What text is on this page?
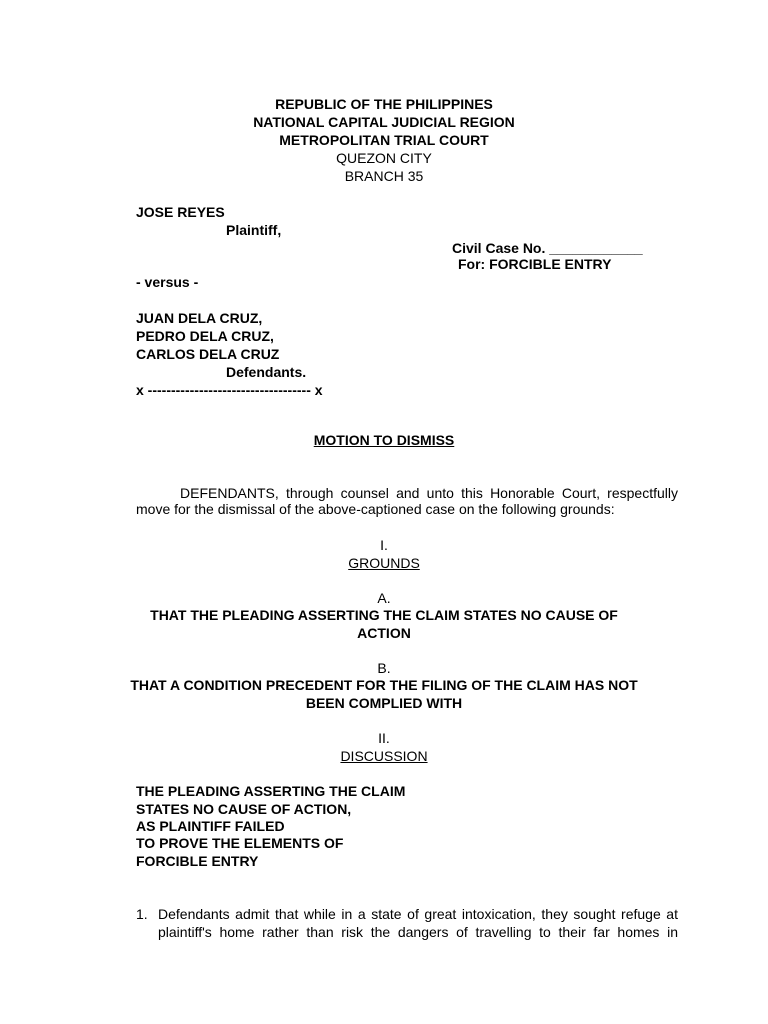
REPUBLIC OF THE PHILIPPINES
NATIONAL CAPITAL JUDICIAL REGION
METROPOLITAN TRIAL COURT
QUEZON CITY
BRANCH 35
JOSE REYES
Plaintiff,
Civil Case No. ____________
For: FORCIBLE ENTRY
- versus -
JUAN DELA CRUZ,
PEDRO DELA CRUZ,
CARLOS DELA CRUZ
Defendants.
x ----------------------------------- x
MOTION TO DISMISS
DEFENDANTS, through counsel and unto this Honorable Court, respectfully
move for the dismissal of the above-captioned case on the following grounds:
I.
GROUNDS
A.
THAT THE PLEADING ASSERTING THE CLAIM STATES NO CAUSE OF
ACTION
B.
THAT A CONDITION PRECEDENT FOR THE FILING OF THE CLAIM HAS NOT
BEEN COMPLIED WITH
II.
DISCUSSION
THE PLEADING ASSERTING THE CLAIM
STATES NO CAUSE OF ACTION,
AS PLAINTIFF FAILED
TO PROVE THE ELEMENTS OF
FORCIBLE ENTRY
1. Defendants admit that while in a state of great intoxication, they sought refuge at
plaintiff's home rather than risk the dangers of travelling to their far homes in
